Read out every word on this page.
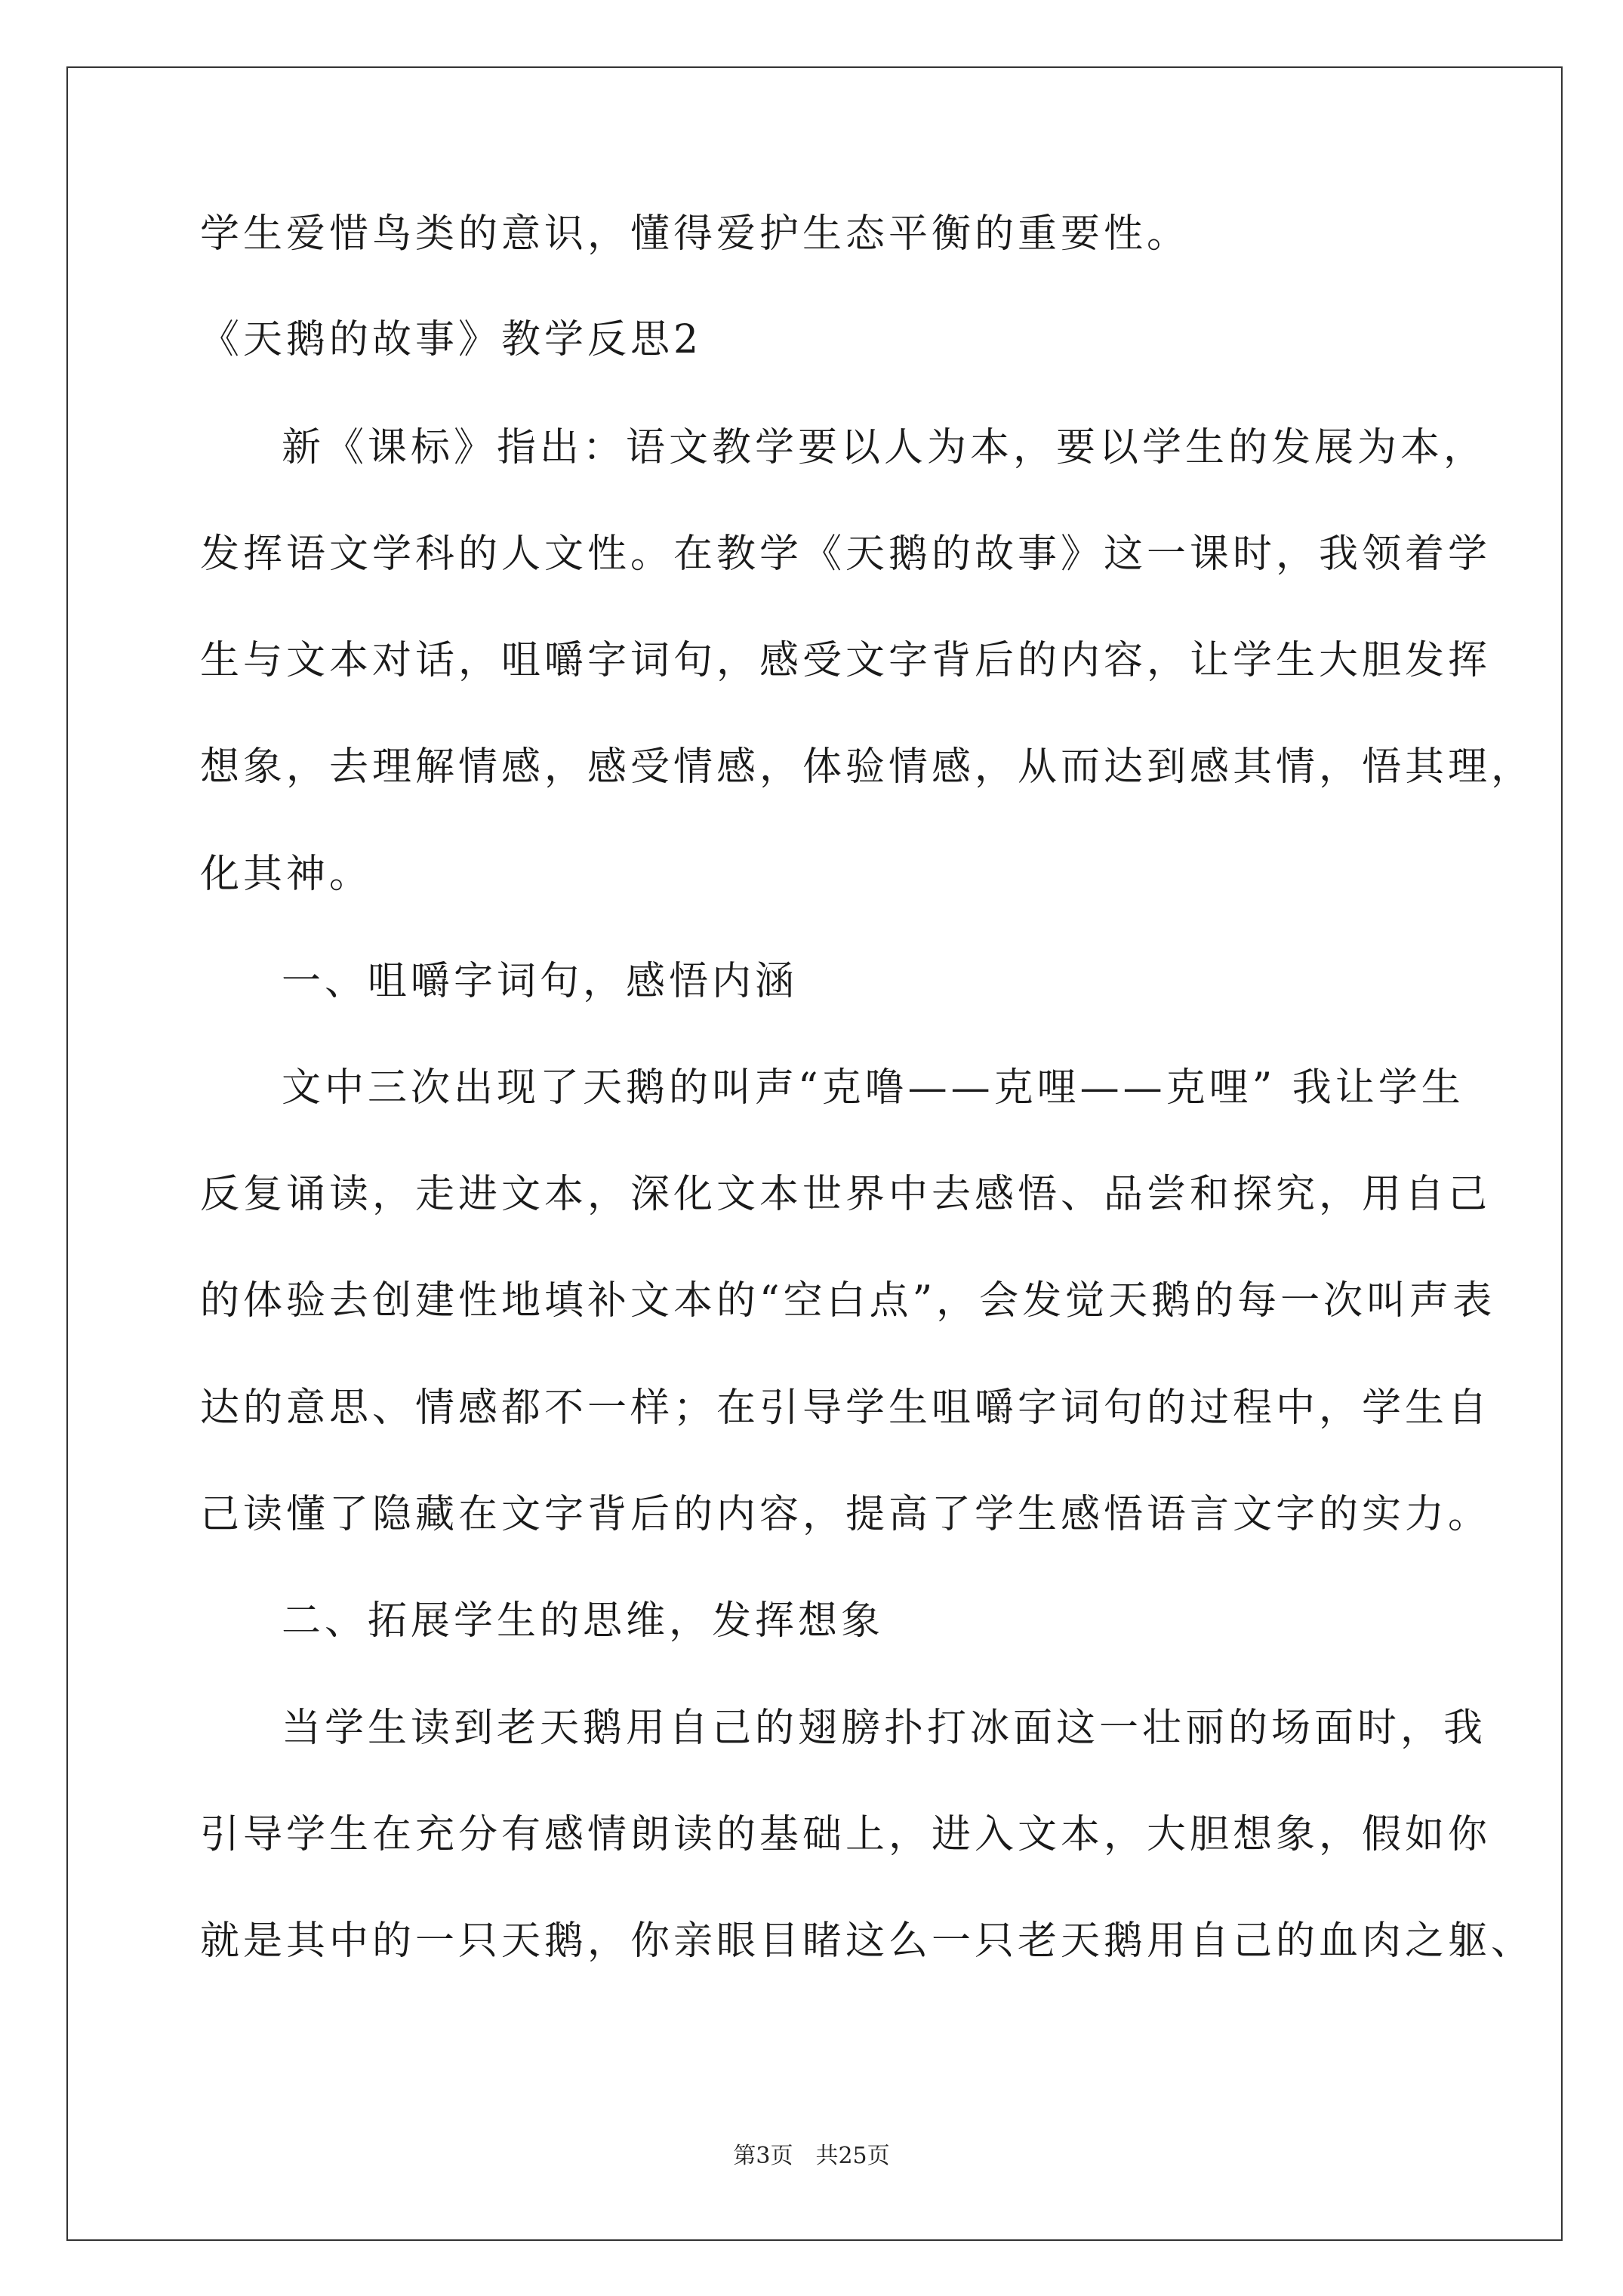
学生爱惜鸟类的意识，懂得爱护生态平衡的重要性。
《天鹅的故事》教学反思2
新《课标》指出：语文教学要以人为本，要以学生的发展为本，
发挥语文学科的人文性。在教学《天鹅的故事》这一课时，我领着学
生与文本对话，咀嚼字词句，感受文字背后的内容，让学生大胆发挥
想象，去理解情感，感受情感，体验情感，从而达到感其情，悟其理，
化其神。
一、咀嚼字词句，感悟内涵
文中三次出现了天鹅的叫声“克噜——克哩——克哩” 我让学生
反复诵读，走进文本，深化文本世界中去感悟、品尝和探究，用自己
的体验去创建性地填补文本的“空白点”，会发觉天鹅的每一次叫声表
达的意思、情感都不一样；在引导学生咀嚼字词句的过程中，学生自
己读懂了隐藏在文字背后的内容，提高了学生感悟语言文字的实力。
二、拓展学生的思维，发挥想象
当学生读到老天鹅用自己的翅膀扑打冰面这一壮丽的场面时，我
引导学生在充分有感情朗读的基础上，进入文本，大胆想象，假如你
就是其中的一只天鹅，你亲眼目睹这么一只老天鹅用自己的血肉之躯、
第3页　共25页
